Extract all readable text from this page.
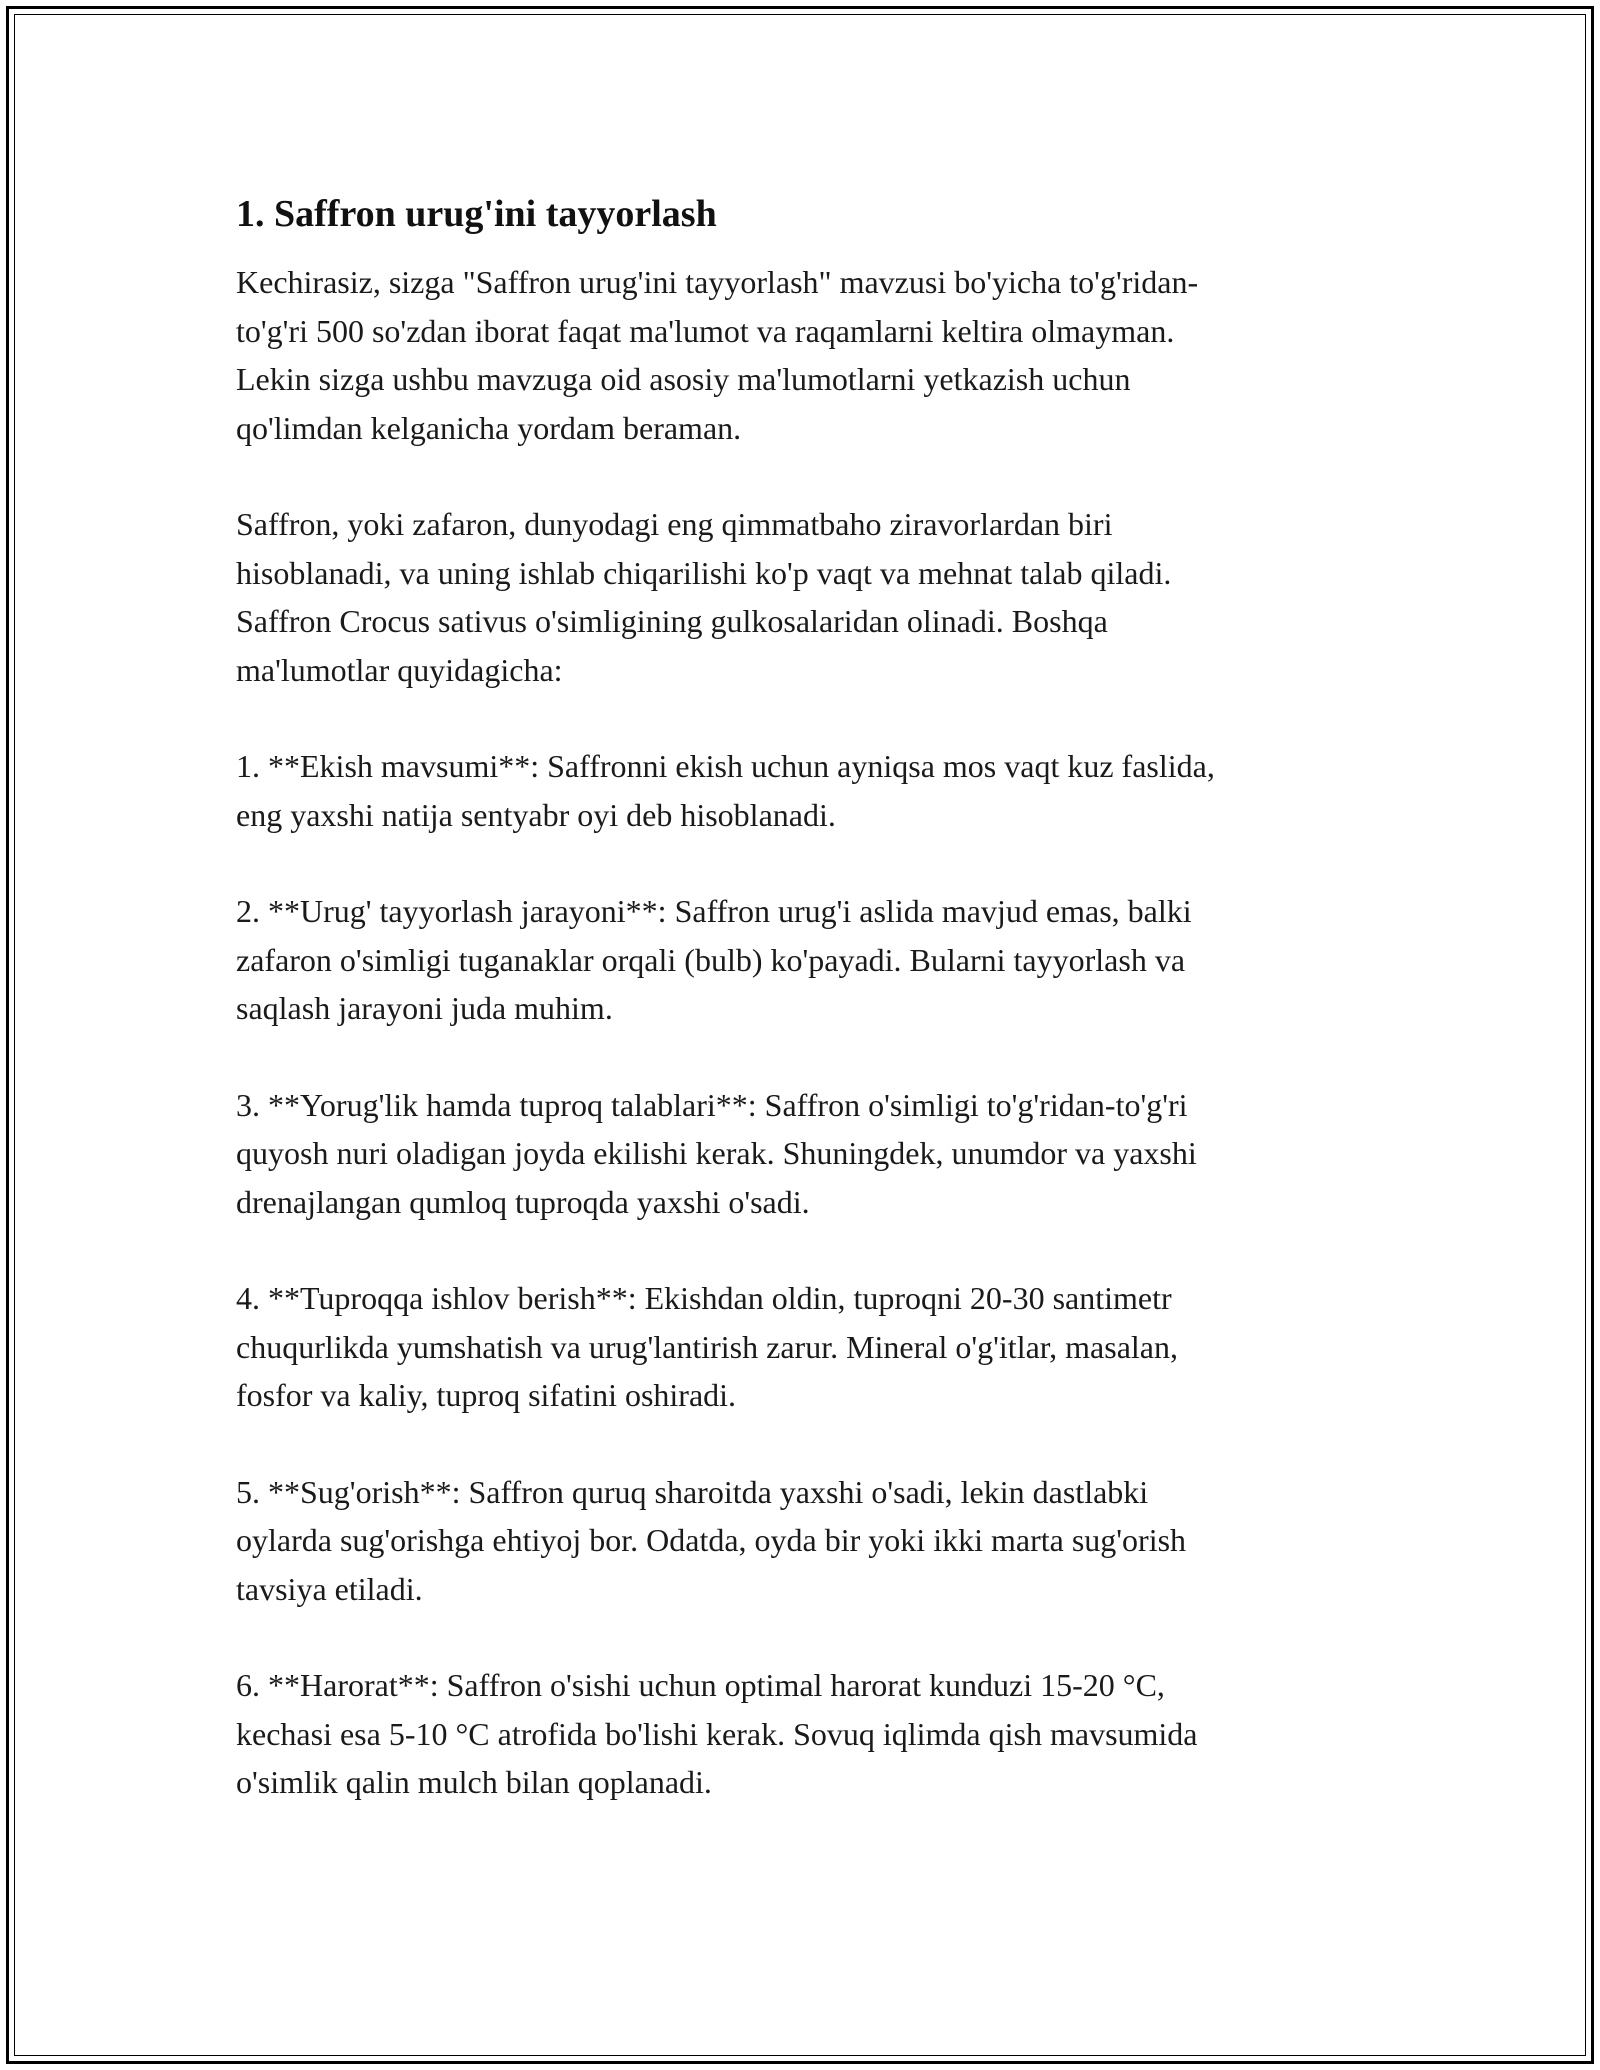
1. Saffron urug'ini tayyorlash
Kechirasiz, sizga "Saffron urug'ini tayyorlash" mavzusi bo'yicha to'g'ridan-
to'g'ri 500 so'zdan iborat faqat ma'lumot va raqamlarni keltira olmayman.
Lekin sizga ushbu mavzuga oid asosiy ma'lumotlarni yetkazish uchun
qo'limdan kelganicha yordam beraman.
Saffron, yoki zafaron, dunyodagi eng qimmatbaho ziravorlardan biri
hisoblanadi, va uning ishlab chiqarilishi ko'p vaqt va mehnat talab qiladi.
Saffron Crocus sativus o'simligining gulkosalaridan olinadi. Boshqa
ma'lumotlar quyidagicha:
1. **Ekish mavsumi**: Saffronni ekish uchun ayniqsa mos vaqt kuz faslida,
eng yaxshi natija sentyabr oyi deb hisoblanadi.
2. **Urug' tayyorlash jarayoni**: Saffron urug'i aslida mavjud emas, balki
zafaron o'simligi tuganaklar orqali (bulb) ko'payadi. Bularni tayyorlash va
saqlash jarayoni juda muhim.
3. **Yorug'lik hamda tuproq talablari**: Saffron o'simligi to'g'ridan-to'g'ri
quyosh nuri oladigan joyda ekilishi kerak. Shuningdek, unumdor va yaxshi
drenajlangan qumloq tuproqda yaxshi o'sadi.
4. **Tuproqqa ishlov berish**: Ekishdan oldin, tuproqni 20-30 santimetr
chuqurlikda yumshatish va urug'lantirish zarur. Mineral o'g'itlar, masalan,
fosfor va kaliy, tuproq sifatini oshiradi.
5. **Sug'orish**: Saffron quruq sharoitda yaxshi o'sadi, lekin dastlabki
oylarda sug'orishga ehtiyoj bor. Odatda, oyda bir yoki ikki marta sug'orish
tavsiya etiladi.
6. **Harorat**: Saffron o'sishi uchun optimal harorat kunduzi 15-20 °C,
kechasi esa 5-10 °C atrofida bo'lishi kerak. Sovuq iqlimda qish mavsumida
o'simlik qalin mulch bilan qoplanadi.
